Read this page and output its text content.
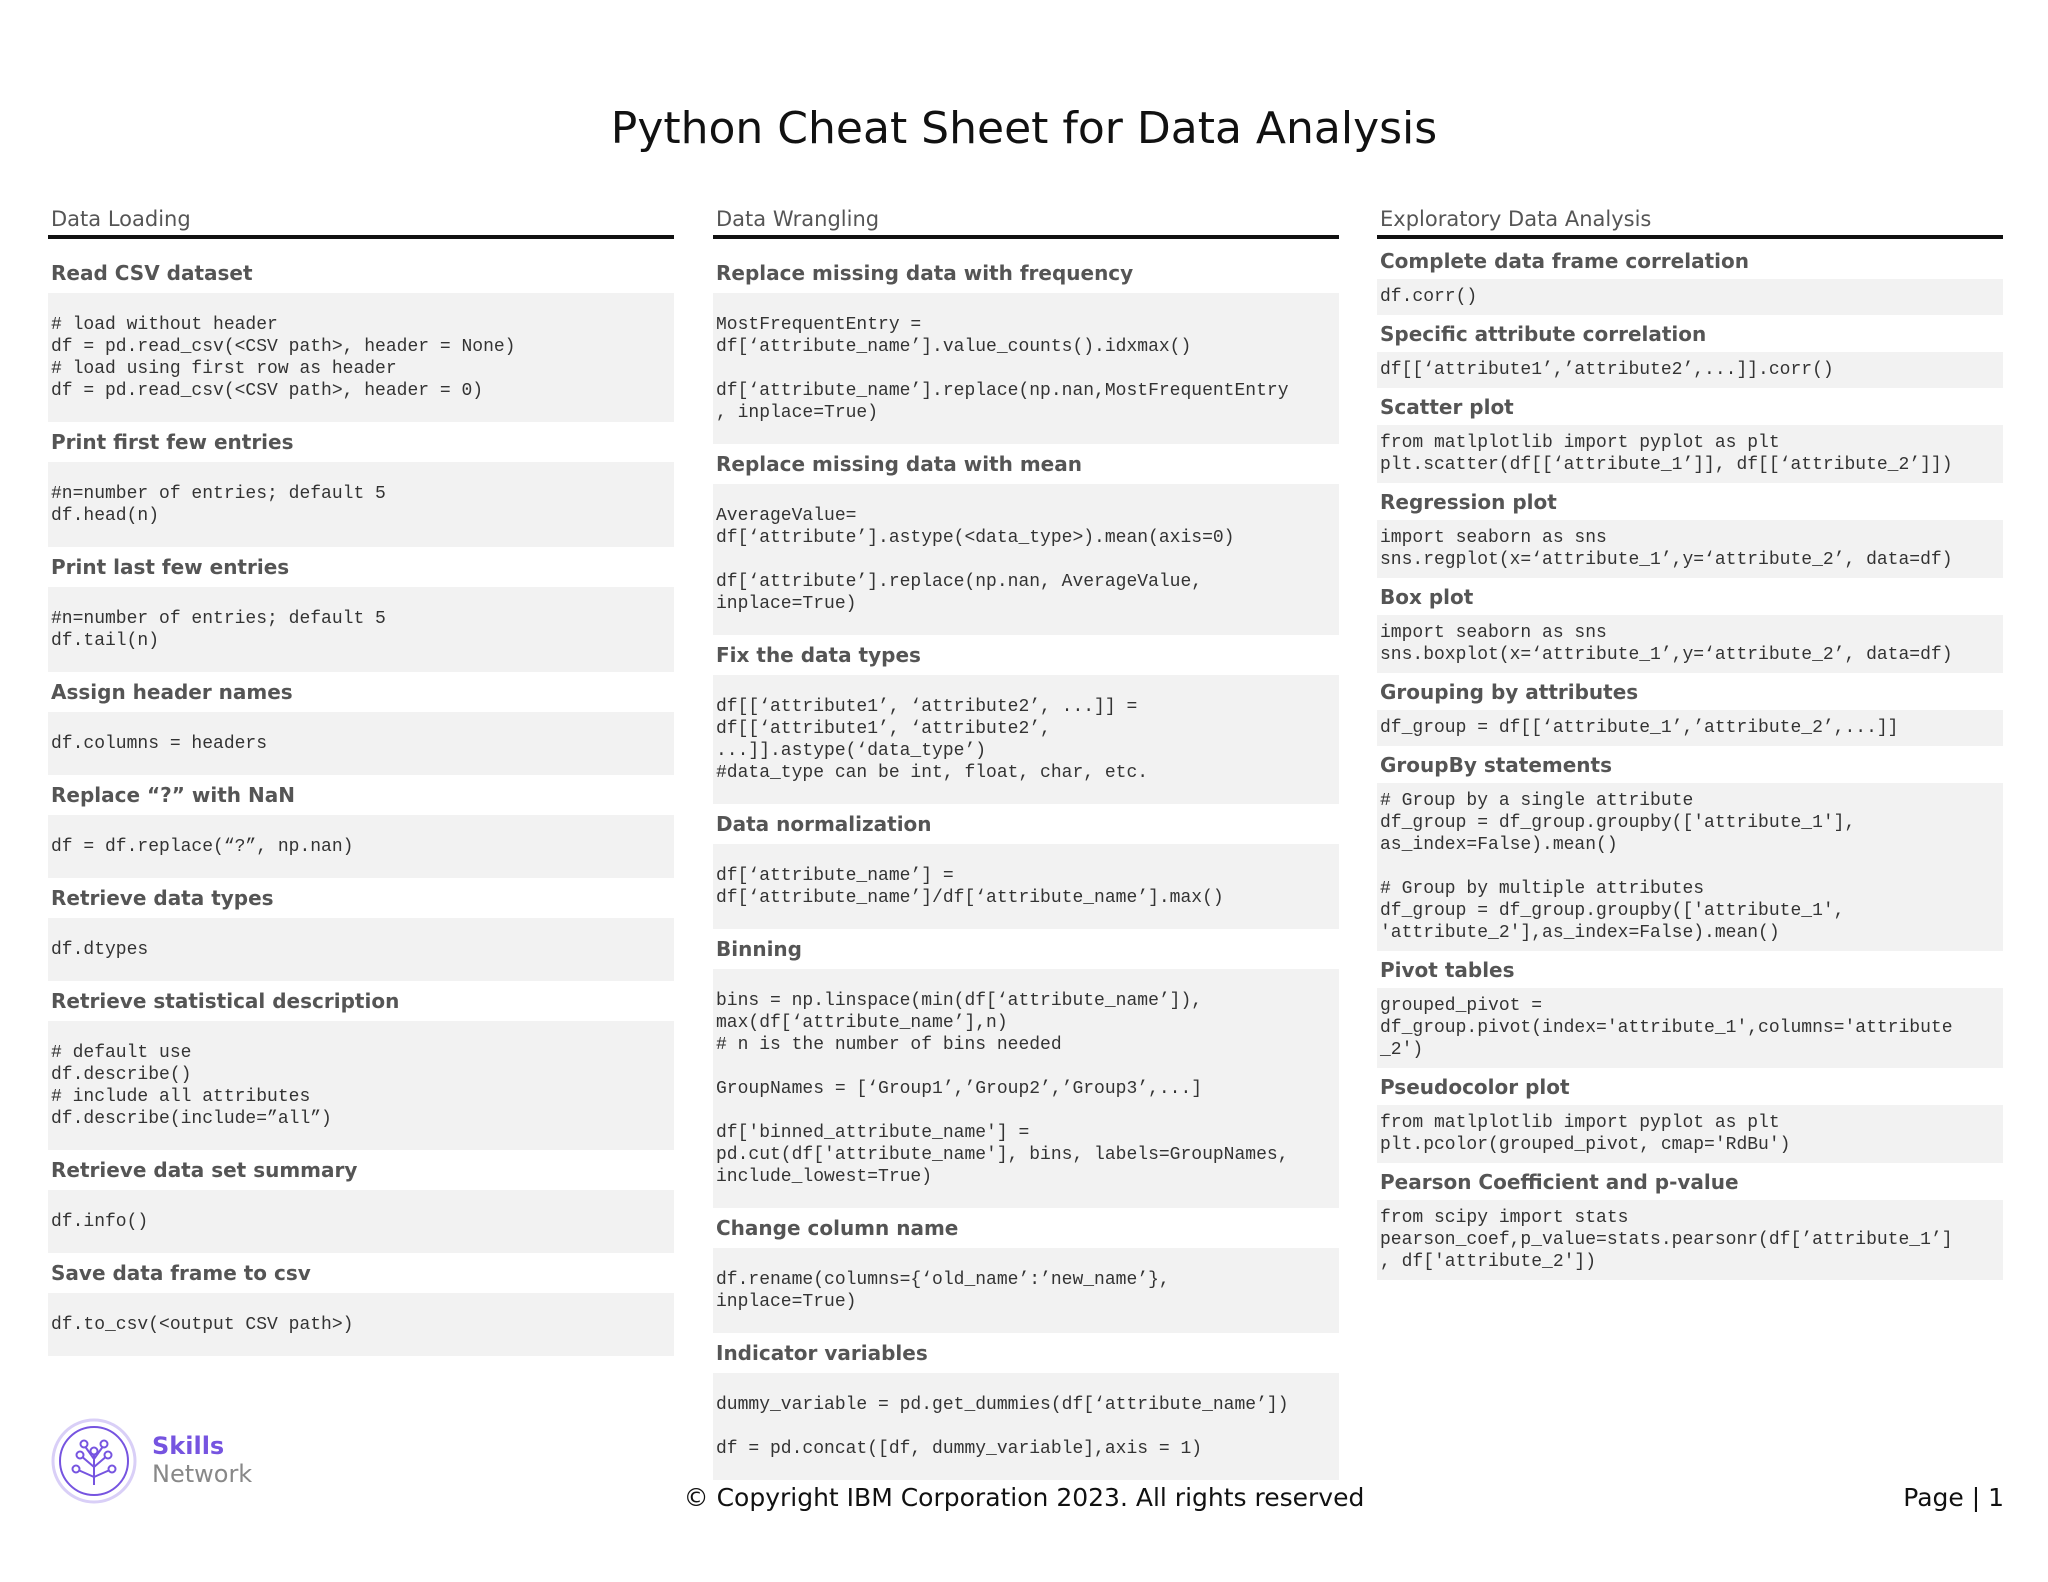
Python Cheat Sheet for Data Analysis
Data Loading
Read CSV dataset
# load without header
df = pd.read_csv(<CSV path>, header = None)
# load using first row as header
df = pd.read_csv(<CSV path>, header = 0)
Print first few entries
#n=number of entries; default 5
df.head(n)
Print last few entries
#n=number of entries; default 5
df.tail(n)
Assign header names
df.columns = headers
Replace “?” with NaN
df = df.replace(“?”, np.nan)
Retrieve data types
df.dtypes
Retrieve statistical description
# default use
df.describe()
# include all attributes
df.describe(include=”all”)
Retrieve data set summary
df.info()
Save data frame to csv
df.to_csv(<output CSV path>)
Data Wrangling
Replace missing data with frequency
MostFrequentEntry =
df[‘attribute_name’].value_counts().idxmax()

df[‘attribute_name’].replace(np.nan,MostFrequentEntry
, inplace=True)
Replace missing data with mean
AverageValue=
df[‘attribute’].astype(<data_type>).mean(axis=0)

df[‘attribute’].replace(np.nan, AverageValue,
inplace=True)
Fix the data types
df[[‘attribute1’, ‘attribute2’, ...]] =
df[[‘attribute1’, ‘attribute2’,
...]].astype(‘data_type’)
#data_type can be int, float, char, etc.
Data normalization
df[‘attribute_name’] =
df[‘attribute_name’]/df[‘attribute_name’].max()
Binning
bins = np.linspace(min(df[‘attribute_name’]),
max(df[‘attribute_name’],n)
# n is the number of bins needed

GroupNames = [‘Group1’,’Group2’,’Group3’,...]

df['binned_attribute_name'] =
pd.cut(df['attribute_name'], bins, labels=GroupNames,
include_lowest=True)
Change column name
df.rename(columns={‘old_name’:’new_name’},
inplace=True)
Indicator variables
dummy_variable = pd.get_dummies(df[‘attribute_name’])

df = pd.concat([df, dummy_variable],axis = 1)
Exploratory Data Analysis
Complete data frame correlation
df.corr()
Specific attribute correlation
df[[‘attribute1’,’attribute2’,...]].corr()
Scatter plot
from matlplotlib import pyplot as plt
plt.scatter(df[[‘attribute_1’]], df[[‘attribute_2’]])
Regression plot
import seaborn as sns
sns.regplot(x=‘attribute_1’,y=‘attribute_2’, data=df)
Box plot
import seaborn as sns
sns.boxplot(x=‘attribute_1’,y=‘attribute_2’, data=df)
Grouping by attributes
df_group = df[[‘attribute_1’,’attribute_2’,...]]
GroupBy statements
# Group by a single attribute
df_group = df_group.groupby(['attribute_1'],
as_index=False).mean()

# Group by multiple attributes
df_group = df_group.groupby(['attribute_1',
'attribute_2'],as_index=False).mean()
Pivot tables
grouped_pivot =
df_group.pivot(index='attribute_1',columns='attribute
_2')
Pseudocolor plot
from matlplotlib import pyplot as plt
plt.pcolor(grouped_pivot, cmap='RdBu')
Pearson Coefficient and p-value
from scipy import stats
pearson_coef,p_value=stats.pearsonr(df[’attribute_1’]
, df['attribute_2'])
Skills
Network
© Copyright IBM Corporation 2023. All rights reserved	Page | 1
